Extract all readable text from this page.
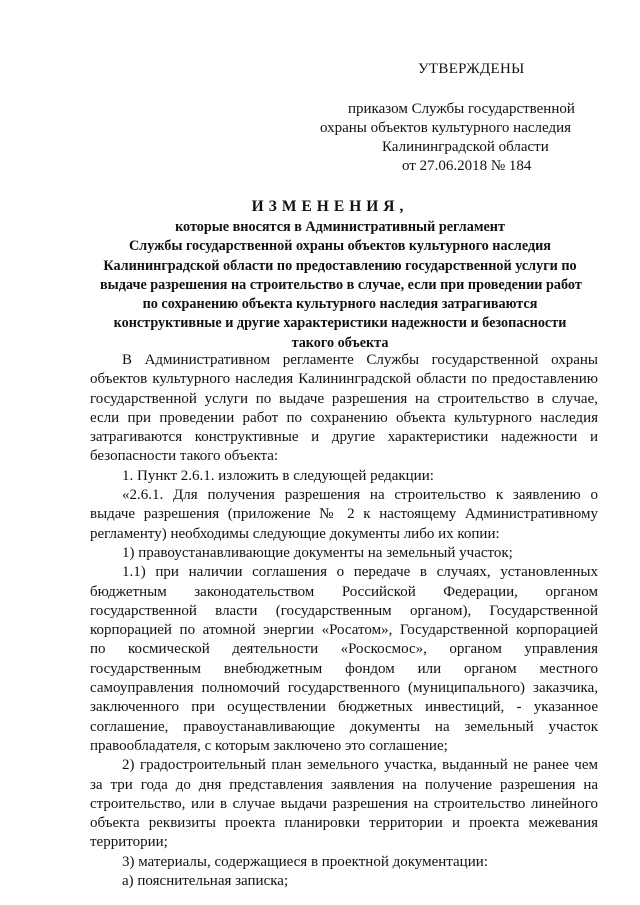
УТВЕРЖДЕНЫ
приказом Службы государственной
охраны объектов культурного наследия
Калининградской области
от 27.06.2018 № 184
ИЗМЕНЕНИЯ,
которые вносятся в Административный регламент
Службы государственной охраны объектов культурного наследия
Калининградской области по предоставлению государственной услуги по
выдаче разрешения на строительство в случае, если при проведении работ
по сохранению объекта культурного наследия затрагиваются
конструктивные и другие характеристики надежности и безопасности
такого объекта
В Административном регламенте Службы государственной охраны
объектов культурного наследия Калининградской области по предоставлению
государственной услуги по выдаче разрешения на строительство в случае,
если при проведении работ по сохранению объекта культурного наследия
затрагиваются конструктивные и другие характеристики надежности и
безопасности такого объекта:
1. Пункт 2.6.1. изложить в следующей редакции:
«2.6.1. Для получения разрешения на строительство к заявлению о
выдаче разрешения (приложение № 2 к настоящему Административному
регламенту) необходимы следующие документы либо их копии:
1) правоустанавливающие документы на земельный участок;
1.1) при наличии соглашения о передаче в случаях, установленных
бюджетным законодательством Российской Федерации, органом
государственной власти (государственным органом), Государственной
корпорацией по атомной энергии «Росатом», Государственной корпорацией
по космической деятельности «Роскосмос», органом управления
государственным внебюджетным фондом или органом местного
самоуправления полномочий государственного (муниципального) заказчика,
заключенного при осуществлении бюджетных инвестиций, - указанное
соглашение, правоустанавливающие документы на земельный участок
правообладателя, с которым заключено это соглашение;
2) градостроительный план земельного участка, выданный не ранее чем
за три года до дня представления заявления на получение разрешения на
строительство, или в случае выдачи разрешения на строительство линейного
объекта реквизиты проекта планировки территории и проекта межевания
территории;
3) материалы, содержащиеся в проектной документации:
а) пояснительная записка;
